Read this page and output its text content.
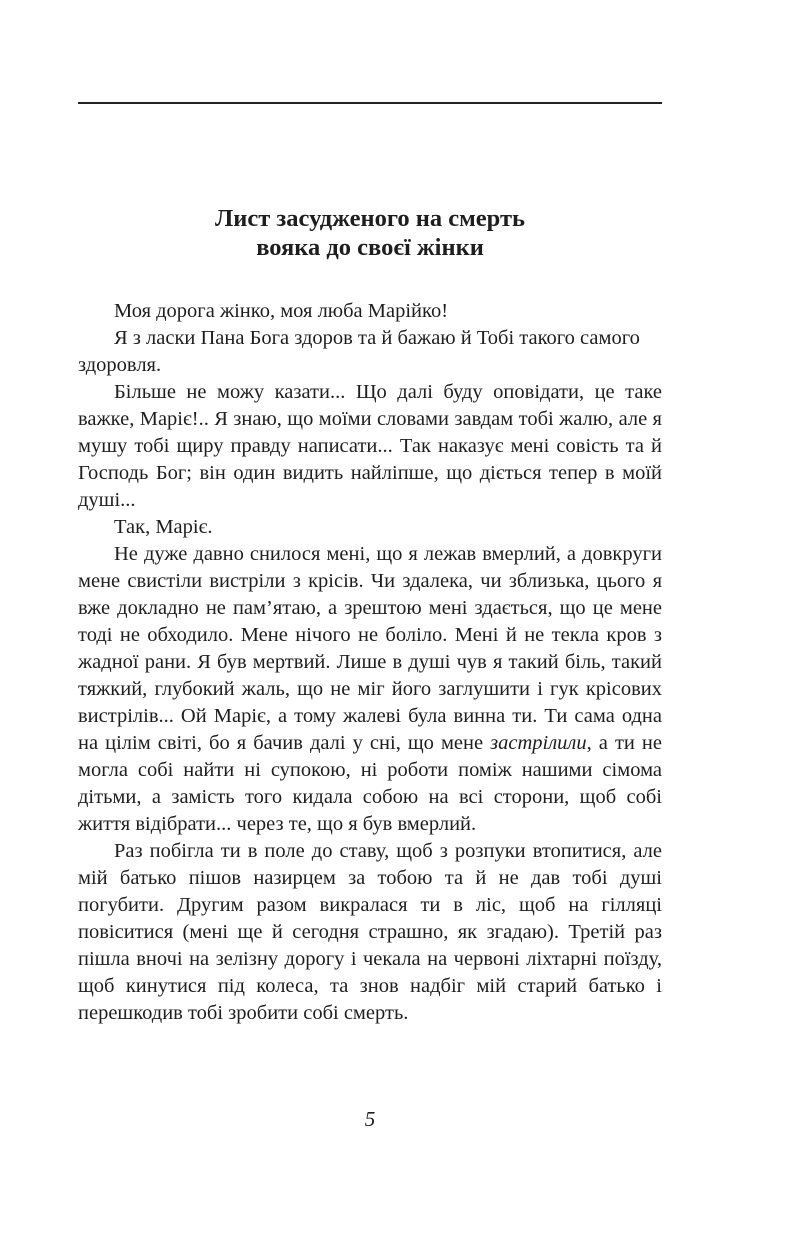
Лист засудженого на смерть
вояка до своєї жінки

Моя дорога жінко, моя люба Марійко!

Я з ласки Пана Бога здоров та й бажаю й Тобі такого самого здоровля.

Більше не можу казати... Що далі буду оповідати, це таке важке, Маріє!.. Я знаю, що моїми словами завдам тобі жалю, але я мушу тобі щиру правду написати... Так наказує мені совість та й Господь Бог; він один видить найліпше, що діється тепер в моїй душі...

Так, Маріє.

Не дуже давно снилося мені, що я лежав вмерлий, а довкруги мене свистіли вистріли з крісів. Чи здалека, чи зблизька, цього я вже докладно не пам’ятаю, а зрештою мені здається, що це мене тоді не обходило. Мене нічого не боліло. Мені й не текла кров з жадної рани. Я був мертвий. Лише в душі чув я такий біль, такий тяжкий, глубокий жаль, що не міг його заглушити і гук крісових вистрілів... Ой Маріє, а тому жалеві була винна ти. Ти сама одна на цілім світі, бо я бачив далі у сні, що мене застрілили, а ти не могла собі найти ні супокою, ні роботи поміж нашими сімома дітьми, а замість того кидала собою на всі сторони, щоб собі життя відібрати... через те, що я був вмерлий.

Раз побігла ти в поле до ставу, щоб з розпуки втопитися, але мій батько пішов назирцем за тобою та й не дав тобі душі погубити. Другим разом викралася ти в ліс, щоб на гілляці повіситися (мені ще й сегодня страшно, як згадаю). Третій раз пішла вночі на зелізну дорогу і чекала на червоні ліхтарні поїзду, щоб кинутися під колеса, та знов надбіг мій старий батько і перешкодив тобі зробити собі смерть.

5
